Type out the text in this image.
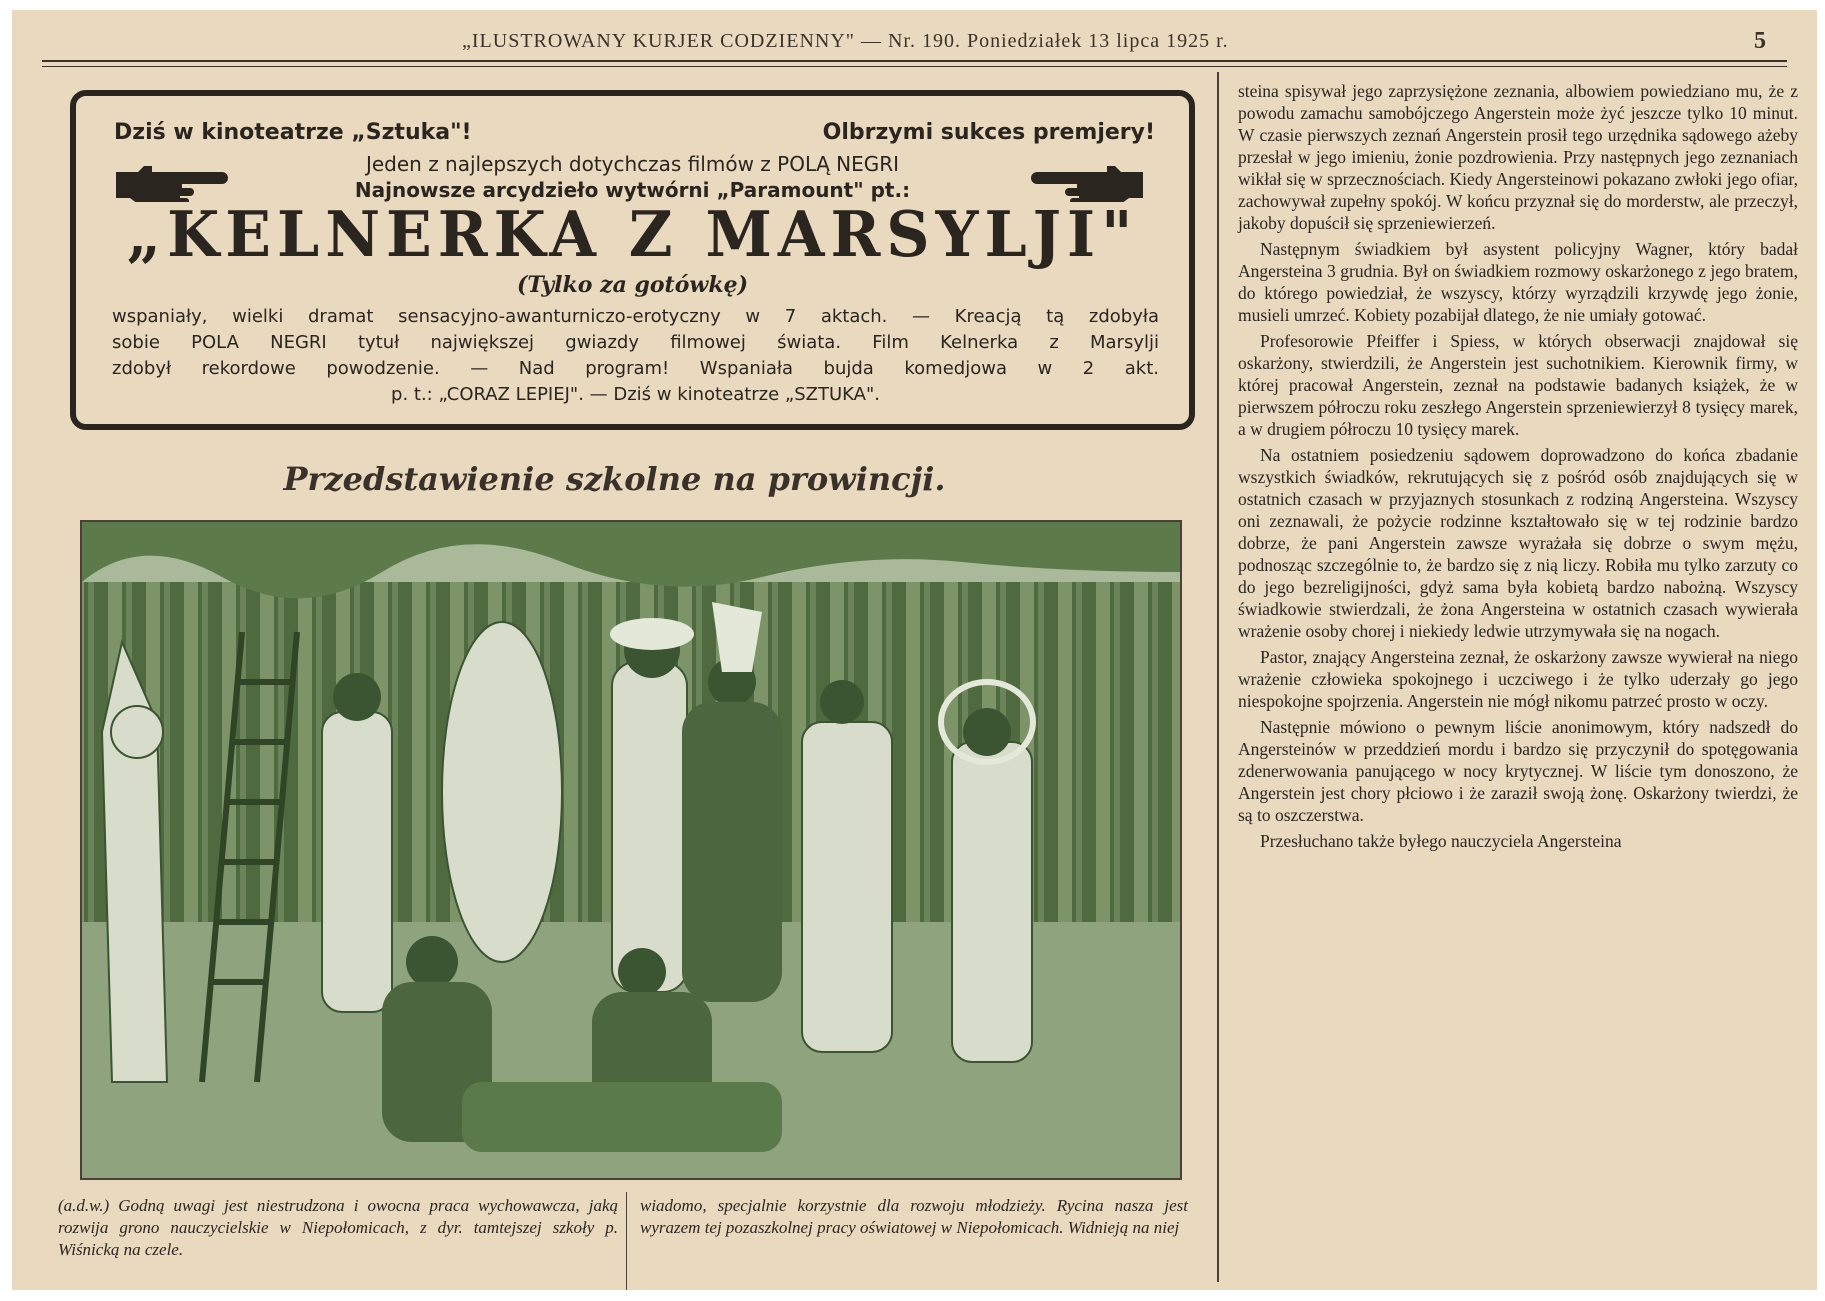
„ILUSTROWANY KURJER CODZIENNY" — Nr. 190. Poniedziałek 13 lipca 1925 r.	5
Dziś w kinoteatrze „Sztuka"!	Olbrzymi sukces premjery!
Jeden z najlepszych dotychczas filmów z POLĄ NEGRI
Najnowsze arcydzieło wytwórni „Paramount" pt.:
„KELNERKA Z MARSYLJI"
(Tylko za gotówkę)
wspaniały, wielki dramat sensacyjno-awanturniczo-erotyczny w 7 aktach. — Kreacją tą zdobyła
sobie POLA NEGRI tytuł największej gwiazdy filmowej świata. Film Kelnerka z Marsylji
zdobył rekordowe powodzenie. — Nad program! Wspaniała bujda komedjowa w 2 akt.
p. t.: „CORAZ LEPIEJ". — Dziś w kinoteatrze „SZTUKA".
Przedstawienie szkolne na prowincji.
(a.d.w.) Godną uwagi jest niestrudzona i owocna praca wychowawcza, jaką rozwija grono nauczycielskie w Niepołomicach, z dyr. tamtejszej szkoły p. Wiśnicką na czele.
wiadomo, specjalnie korzystnie dla rozwoju młodzieży. Rycina nasza jest wyrazem tej pozaszkolnej pracy oświatowej w Niepołomicach. Widnieją na niej

steina spisywał jego zaprzysiężone zeznania, albowiem powiedziano mu, że z powodu zamachu samobójczego Angerstein może żyć jeszcze tylko 10 minut. W czasie pierwszych zeznań Angerstein prosił tego urzędnika sądowego ażeby przesłał w jego imieniu, żonie pozdrowienia. Przy następnych jego zeznaniach wikłał się w sprzecznościach. Kiedy Angersteinowi pokazano zwłoki jego ofiar, zachowywał zupełny spokój. W końcu przyznał się do morderstw, ale przeczył, jakoby dopuścił się sprzeniewierzeń.

Następnym świadkiem był asystent policyjny Wagner, który badał Angersteina 3 grudnia. Był on świadkiem rozmowy oskarżonego z jego bratem, do którego powiedział, że wszyscy, którzy wyrządzili krzywdę jego żonie, musieli umrzeć. Kobiety pozabijał dlatego, że nie umiały gotować.

Profesorowie Pfeiffer i Spiess, w których obserwacji znajdował się oskarżony, stwierdzili, że Angerstein jest suchotnikiem. Kierownik firmy, w której pracował Angerstein, zeznał na podstawie badanych książek, że w pierwszem półroczu roku zeszłego Angerstein sprzeniewierzył 8 tysięcy marek, a w drugiem półroczu 10 tysięcy marek.

Na ostatniem posiedzeniu sądowem doprowadzono do końca zbadanie wszystkich świadków, rekrutujących się z pośród osób znajdujących się w ostatnich czasach w przyjaznych stosunkach z rodziną Angersteina. Wszyscy oni zeznawali, że pożycie rodzinne kształtowało się w tej rodzinie bardzo dobrze, że pani Angerstein zawsze wyrażała się dobrze o swym mężu, podnosząc szczególnie to, że bardzo się z nią liczy. Robiła mu tylko zarzuty co do jego bezreligijności, gdyż sama była kobietą bardzo nabożną. Wszyscy świadkowie stwierdzali, że żona Angersteina w ostatnich czasach wywierała wrażenie osoby chorej i niekiedy ledwie utrzymywała się na nogach.

Pastor, znający Angersteina zeznał, że oskarżony zawsze wywierał na niego wrażenie człowieka spokojnego i uczciwego i że tylko uderzały go jego niespokojne spojrzenia. Angerstein nie mógł nikomu patrzeć prosto w oczy.

Następnie mówiono o pewnym liście anonimowym, który nadszedł do Angersteinów w przeddzień mordu i bardzo się przyczynił do spotęgowania zdenerwowania panującego w nocy krytycznej. W liście tym donoszono, że Angerstein jest chory płciowo i że zaraził swoją żonę. Oskarżony twierdzi, że są to oszczerstwa.

Przesłuchano także byłego nauczyciela Angersteina
